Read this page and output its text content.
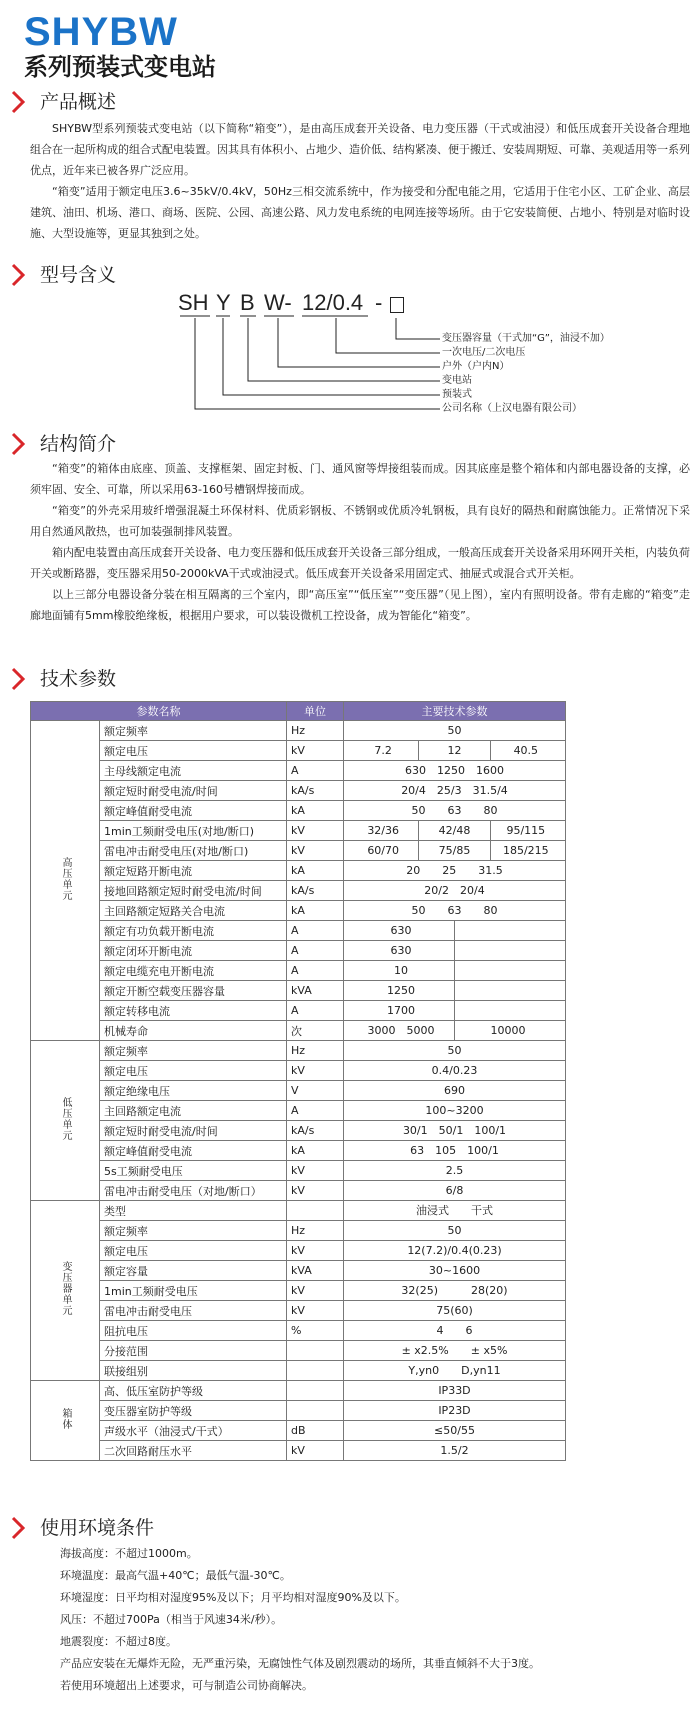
SHYBW
系列预装式变电站
产品概述

SHYBW型系列预装式变电站（以下简称“箱变”），是由高压成套开关设备、电力变压器（干式或油浸）和低压成套开关设备合理地组合在一起所构成的组合式配电装置。因其具有体积小、占地少、造价低、结构紧凑、便于搬迁、安装周期短、可靠、美观适用等一系列优点，近年来已被各界广泛应用。

“箱变”适用于额定电压3.6~35kV/0.4kV，50Hz三相交流系统中，作为接受和分配电能之用，它适用于住宅小区、工矿企业、高层建筑、油田、机场、港口、商场、医院、公园、高速公路、风力发电系统的电网连接等场所。由于它安装简便、占地小、特别是对临时设施、大型设施等，更显其独到之处。

型号含义
SH Y B W- 12/0.4 -
变压器容量（干式加“G”，油浸不加）
一次电压/二次电压
户外（户内N）
变电站
预装式
公司名称（上汉电器有限公司）
结构简介

“箱变”的箱体由底座、顶盖、支撑框架、固定封板、门、通风窗等焊接组装而成。因其底座是整个箱体和内部电器设备的支撑，必须牢固、安全、可靠，所以采用63-160号槽钢焊接而成。

“箱变”的外壳采用玻纤增强混凝土环保材料、优质彩钢板、不锈钢或优质冷轧钢板，具有良好的隔热和耐腐蚀能力。正常情况下采用自然通风散热，也可加装强制排风装置。

箱内配电装置由高压成套开关设备、电力变压器和低压成套开关设备三部分组成，一般高压成套开关设备采用环网开关柜，内装负荷开关或断路器，变压器采用50-2000kVA干式或油浸式。低压成套开关设备采用固定式、抽屉式或混合式开关柜。

以上三部分电器设备分装在相互隔离的三个室内，即“高压室”“低压室”“变压器”（见上图），室内有照明设备。带有走廊的“箱变”走廊地面铺有5mm橡胶绝缘板，根据用户要求，可以装设微机工控设备，成为智能化“箱变”。

技术参数
参数名称		单位	主要技术参数
高压单元	额定频率	Hz	50

	额定电压	kV	7.2 12 40.5

	主母线额定电流	A	630　1250　1600

	额定短时耐受电流/时间	kA/s	20/4　25/3　31.5/4

	额定峰值耐受电流	kA	50　　63　　80

	1min工频耐受电压(对地/断口)	kV	32/36 42/48 95/115

	雷电冲击耐受电压(对地/断口)	kV	60/70 75/85 185/215

	额定短路开断电流	kA	20　　25　　31.5

	接地回路额定短时耐受电流/时间	kA/s	20/2　20/4

	主回路额定短路关合电流	kA	50　　63　　80

	额定有功负载开断电流	A	630

	额定闭环开断电流	A	630

	额定电缆充电开断电流	A	10

	额定开断空载变压器容量	kVA	1250

	额定转移电流	A	1700

	机械寿命	次	3000　5000 10000

低压单元	额定频率	Hz	50

	额定电压	kV	0.4/0.23

	额定绝缘电压	V	690

	主回路额定电流	A	100~3200

	额定短时耐受电流/时间	kA/s	30/1　50/1　100/1

	额定峰值耐受电流	kA	63　105　100/1

	5s工频耐受电压	kV	2.5

	雷电冲击耐受电压（对地/断口）	kV	6/8

变压器单元	类型		油浸式　　干式

	额定频率	Hz	50

	额定电压	kV	12(7.2)/0.4(0.23)

	额定容量	kVA	30~1600

	1min工频耐受电压	kV	32(25)　　　28(20)

	雷电冲击耐受电压	kV	75(60)

	阻抗电压	%	4　　6

	分接范围		± x2.5%　　± x5%

	联接组别		Y,yn0　　D,yn11

箱体	高、低压室防护等级		IP33D

	变压器室防护等级		IP23D

	声级水平（油浸式/干式）	dB	≤50/55

	二次回路耐压水平	kV	1.5/2
使用环境条件
海拔高度：不超过1000m。
环境温度：最高气温+40℃；最低气温-30℃。
环境湿度：日平均相对湿度95%及以下；月平均相对湿度90%及以下。
风压：不超过700Pa（相当于风速34米/秒）。
地震裂度：不超过8度。
产品应安装在无爆炸无险，无严重污染，无腐蚀性气体及剧烈震动的场所，其垂直倾斜不大于3度。
若使用环境超出上述要求，可与制造公司协商解决。
